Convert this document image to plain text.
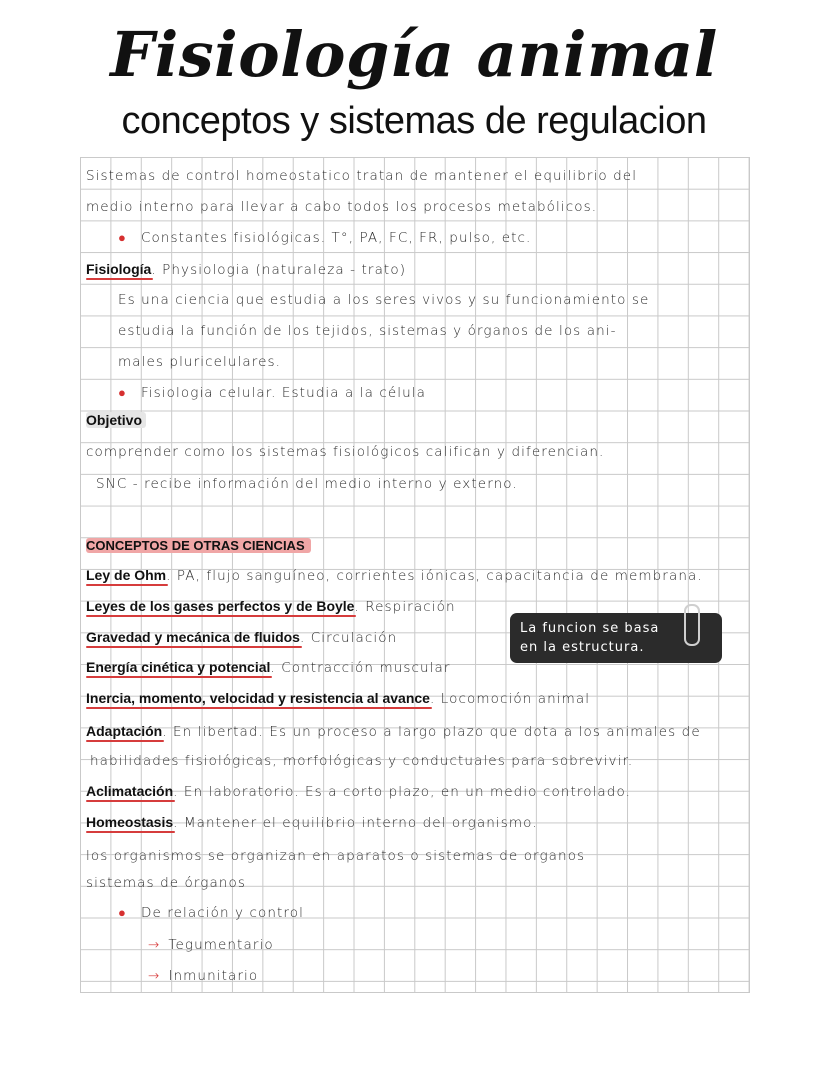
Fisiología animal
conceptos y sistemas de regulacion
Sistemas de control homeostatico tratan de mantener el equilibrio del
medio interno para llevar a cabo todos los procesos metabólicos.
● Constantes fisiológicas. T°, PA, FC, FR, pulso, etc.
Fisiología. Physiologia (naturaleza - trato)
Es una ciencia que estudia a los seres vivos y su funcionamiento se
estudia la función de los tejidos, sistemas y órganos de los ani-
males pluricelulares.
● Fisiologia celular. Estudia a la célula
Objetivo
comprender como los sistemas fisiológicos califican y diferencian.
SNC - recibe información del medio interno y externo.
CONCEPTOS DE OTRAS CIENCIAS
Ley de Ohm. PA, flujo sanguíneo, corrientes iónicas, capacitancia de membrana.
Leyes de los gases perfectos y de Boyle. Respiración
Gravedad y mecánica de fluidos. Circulación
Energía cinética y potencial. Contracción muscular
Inercia, momento, velocidad y resistencia al avance. Locomoción animal
La funcion se basa
en la estructura.
Adaptación. En libertad. Es un proceso a largo plazo que dota a los animales de
habilidades fisiológicas, morfológicas y conductuales para sobrevivir.
Aclimatación. En laboratorio. Es a corto plazo, en un medio controlado.
Homeostasis. Mantener el equilibrio interno del organismo.
los organismos se organizan en aparatos o sistemas de organos
sistemas de órganos
● De relación y control
→ Tegumentario
→ Inmunitario
